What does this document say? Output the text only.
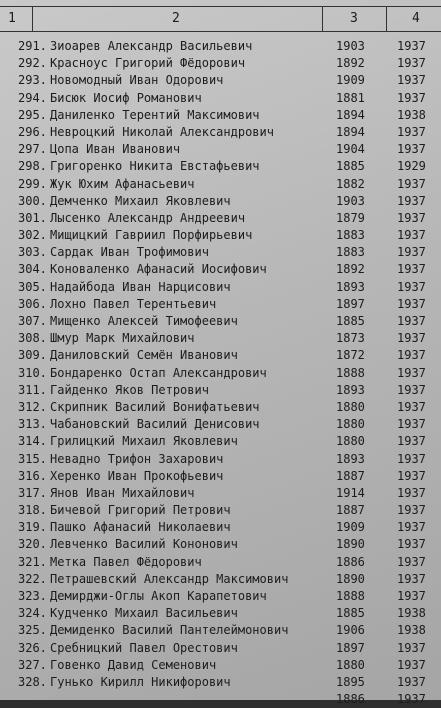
1	2	3	4
291. Зиоарев Александр Васильевич	1903	1937
292. Красноус Григорий Фёдорович	1892	1937
293. Новомодный Иван Одорович	1909	1937
294. Бисюк Иосиф Романович	1881	1937
295. Даниленко Терентий Максимович	1894	1938
296. Невроцкий Николай Александрович	1894	1937
297. Цопа Иван Иванович	1904	1937
298. Григоренко Никита Евстафьевич	1885	1929
299. Жук Юхим Афанасьевич	1882	1937
300. Демченко Михаил Яковлевич	1903	1937
301. Лысенко Александр Андреевич	1879	1937
302. Мищицкий Гавриил Порфирьевич	1883	1937
303. Сардак Иван Трофимович	1883	1937
304. Коноваленко Афанасий Иосифович	1892	1937
305. Надайбода Иван Нарцисович	1893	1937
306. Лохно Павел Терентьевич	1897	1937
307. Мищенко Алексей Тимофеевич	1885	1937
308. Шмур Марк Михайлович	1873	1937
309. Даниловский Семён Иванович	1872	1937
310. Бондаренко Остап Александрович	1888	1937
311. Гайденко Яков Петрович	1893	1937
312. Скрипник Василий Вонифатьевич	1880	1937
313. Чабановский Василий Денисович	1880	1937
314. Грилицкий Михаил Яковлевич	1880	1937
315. Невадно Трифон Захарович	1893	1937
316. Херенко Иван Прокофьевич	1887	1937
317. Янов Иван Михайлович	1914	1937
318. Бичевой Григорий Петрович	1887	1937
319. Пашко Афанасий Николаевич	1909	1937
320. Левченко Василий Кононович	1890	1937
321. Метка Павел Фёдорович	1886	1937
322. Петрашевский Александр Максимович	1890	1937
323. Демирджи-Оглы Акоп Карапетович	1888	1937
324. Кудченко Михаил Васильевич	1885	1938
325. Демиденко Василий Пантелеймонович	1906	1938
326. Сребницкий Павел Орестович	1897	1937
327. Говенко Давид Семенович	1880	1937
328. Гунько Кирилл Никифорович	1895	1937
1886	1937
